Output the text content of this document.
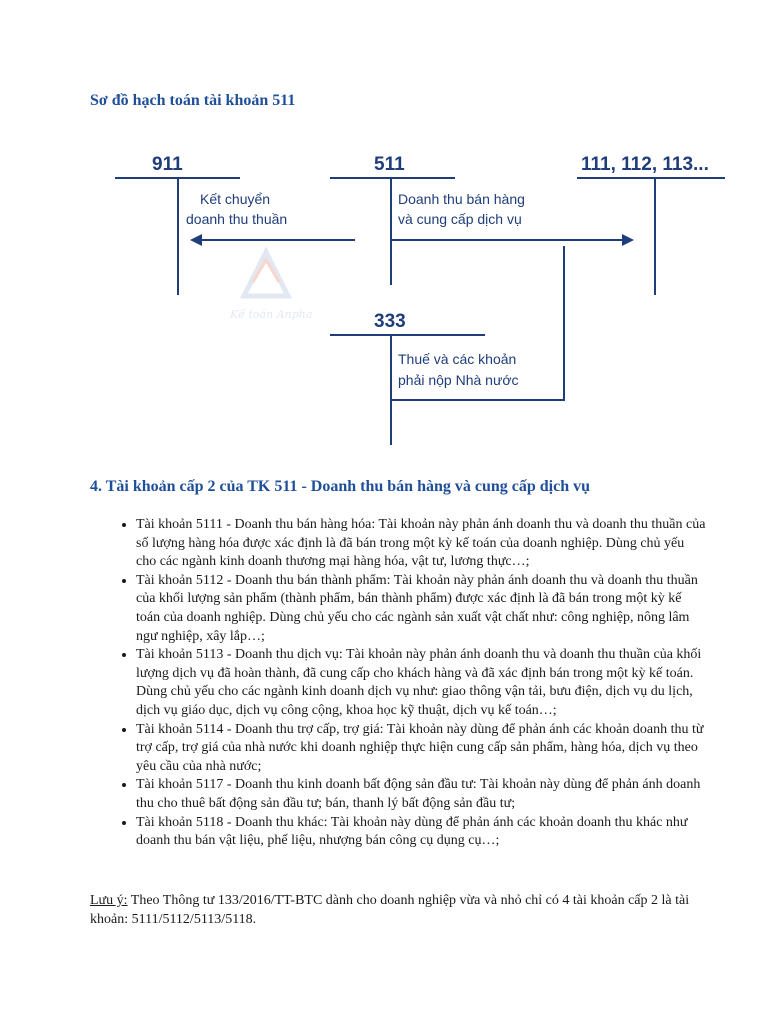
Sơ đồ hạch toán tài khoản 511
Kế toán Anpha
911	511	111, 112, 113...
333
Kết chuyển
doanh thu thuần
Doanh thu bán hàng
và cung cấp dịch vụ
Thuế và các khoản
phải nộp Nhà nước
4. Tài khoản cấp 2 của TK 511 - Doanh thu bán hàng và cung cấp dịch vụ
• Tài khoản 5111 - Doanh thu bán hàng hóa: Tài khoản này phản ánh doanh thu và doanh thu thuần của số lượng hàng hóa được xác định là đã bán trong một kỳ kế toán của doanh nghiệp. Dùng chủ yếu cho các ngành kinh doanh thương mại hàng hóa, vật tư, lương thực…;
• Tài khoản 5112 - Doanh thu bán thành phẩm: Tài khoản này phản ánh doanh thu và doanh thu thuần của khối lượng sản phẩm (thành phẩm, bán thành phẩm) được xác định là đã bán trong một kỳ kế toán của doanh nghiệp. Dùng chủ yếu cho các ngành sản xuất vật chất như: công nghiệp, nông lâm ngư nghiệp, xây lắp…;
• Tài khoản 5113 - Doanh thu dịch vụ: Tài khoản này phản ánh doanh thu và doanh thu thuần của khối lượng dịch vụ đã hoàn thành, đã cung cấp cho khách hàng và đã xác định bán trong một kỳ kế toán. Dùng chủ yếu cho các ngành kinh doanh dịch vụ như: giao thông vận tải, bưu điện, dịch vụ du lịch, dịch vụ giáo dục, dịch vụ công cộng, khoa học kỹ thuật, dịch vụ kế toán…;
• Tài khoản 5114 - Doanh thu trợ cấp, trợ giá: Tài khoản này dùng để phản ánh các khoản doanh thu từ trợ cấp, trợ giá của nhà nước khi doanh nghiệp thực hiện cung cấp sản phẩm, hàng hóa, dịch vụ theo yêu cầu của nhà nước;
• Tài khoản 5117 - Doanh thu kinh doanh bất động sản đầu tư: Tài khoản này dùng để phản ánh doanh thu cho thuê bất động sản đầu tư; bán, thanh lý bất động sản đầu tư;
• Tài khoản 5118 - Doanh thu khác: Tài khoản này dùng để phản ánh các khoản doanh thu khác như doanh thu bán vật liệu, phế liệu, nhượng bán công cụ dụng cụ…;

Lưu ý: Theo Thông tư 133/2016/TT-BTC dành cho doanh nghiệp vừa và nhỏ chỉ có 4 tài khoản cấp 2 là tài khoản: 5111/5112/5113/5118.
